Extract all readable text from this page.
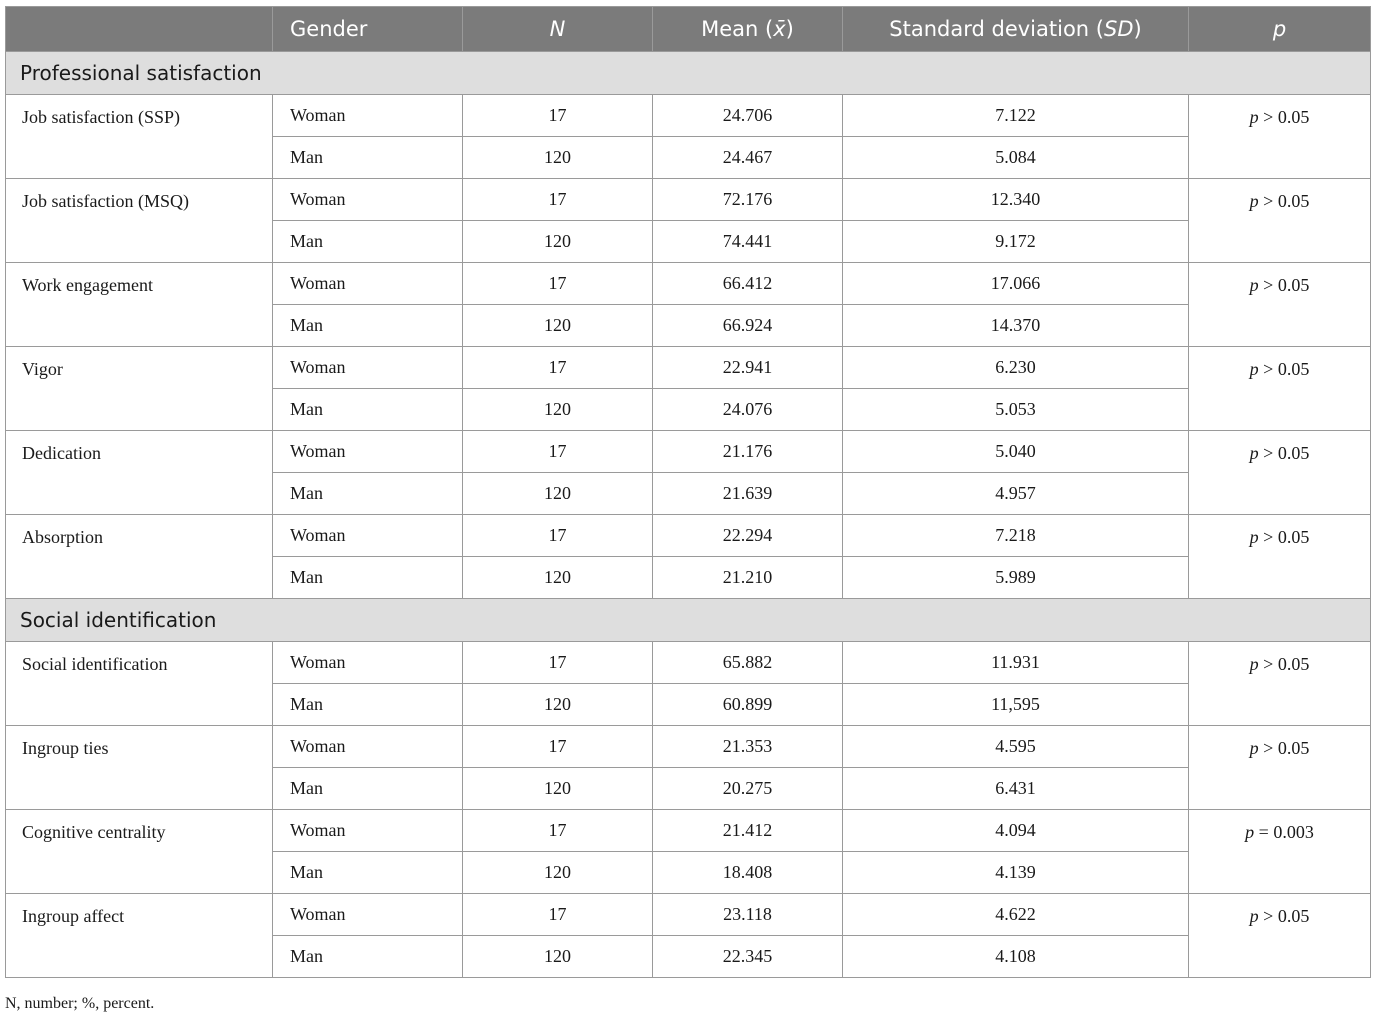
	Gender	N	Mean (x̄)	Standard deviation (SD)	p
Professional satisfaction					
Job satisfaction (SSP)	Woman	17	24.706	7.122	p > 0.05
	Man	120	24.467	5.084	
Job satisfaction (MSQ)	Woman	17	72.176	12.340	p > 0.05
	Man	120	74.441	9.172	
Work engagement	Woman	17	66.412	17.066	p > 0.05
	Man	120	66.924	14.370	
Vigor	Woman	17	22.941	6.230	p > 0.05
	Man	120	24.076	5.053	
Dedication	Woman	17	21.176	5.040	p > 0.05
	Man	120	21.639	4.957	
Absorption	Woman	17	22.294	7.218	p > 0.05
	Man	120	21.210	5.989	
Social identification					
Social identification	Woman	17	65.882	11.931	p > 0.05
	Man	120	60.899	11,595	
Ingroup ties	Woman	17	21.353	4.595	p > 0.05
	Man	120	20.275	6.431	
Cognitive centrality	Woman	17	21.412	4.094	p = 0.003
	Man	120	18.408	4.139	
Ingroup affect	Woman	17	23.118	4.622	p > 0.05
	Man	120	22.345	4.108	
N, number; %, percent.
